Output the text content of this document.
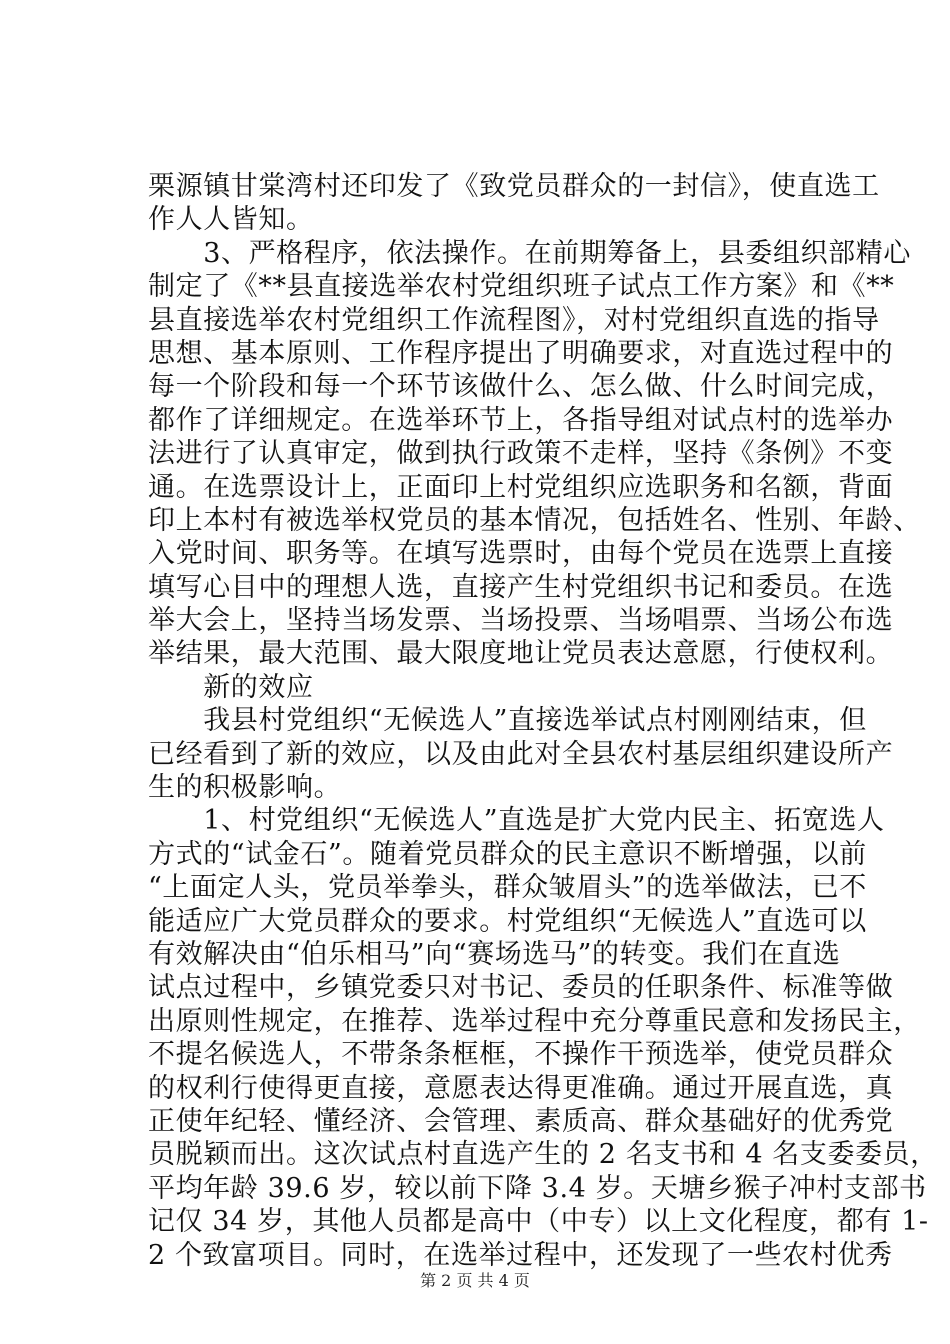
栗源镇甘棠湾村还印发了《致党员群众的一封信》，使直选工
作人人皆知。
　　3、严格程序，依法操作。在前期筹备上，县委组织部精心
制定了《**县直接选举农村党组织班子试点工作方案》和《**
县直接选举农村党组织工作流程图》，对村党组织直选的指导
思想、基本原则、工作程序提出了明确要求，对直选过程中的
每一个阶段和每一个环节该做什么、怎么做、什么时间完成，
都作了详细规定。在选举环节上，各指导组对试点村的选举办
法进行了认真审定，做到执行政策不走样，坚持《条例》不变
通。在选票设计上，正面印上村党组织应选职务和名额，背面
印上本村有被选举权党员的基本情况，包括姓名、性别、年龄、
入党时间、职务等。在填写选票时，由每个党员在选票上直接
填写心目中的理想人选，直接产生村党组织书记和委员。在选
举大会上，坚持当场发票、当场投票、当场唱票、当场公布选
举结果，最大范围、最大限度地让党员表达意愿，行使权利。
　　新的效应
　　我县村党组织“无候选人”直接选举试点村刚刚结束，但
已经看到了新的效应，以及由此对全县农村基层组织建设所产
生的积极影响。
　　1、村党组织“无候选人”直选是扩大党内民主、拓宽选人
方式的“试金石”。随着党员群众的民主意识不断增强，以前
“上面定人头，党员举拳头，群众皱眉头”的选举做法，已不
能适应广大党员群众的要求。村党组织“无候选人”直选可以
有效解决由“伯乐相马”向“赛场选马”的转变。我们在直选
试点过程中，乡镇党委只对书记、委员的任职条件、标准等做
出原则性规定，在推荐、选举过程中充分尊重民意和发扬民主，
不提名候选人，不带条条框框，不操作干预选举，使党员群众
的权利行使得更直接，意愿表达得更准确。通过开展直选，真
正使年纪轻、懂经济、会管理、素质高、群众基础好的优秀党
员脱颖而出。这次试点村直选产生的 2 名支书和 4 名支委委员，
平均年龄 39.6 岁，较以前下降 3.4 岁。天塘乡猴子冲村支部书
记仅 34 岁，其他人员都是高中（中专）以上文化程度，都有 1-
2 个致富项目。同时，在选举过程中，还发现了一些农村优秀
第 2 页 共 4 页
